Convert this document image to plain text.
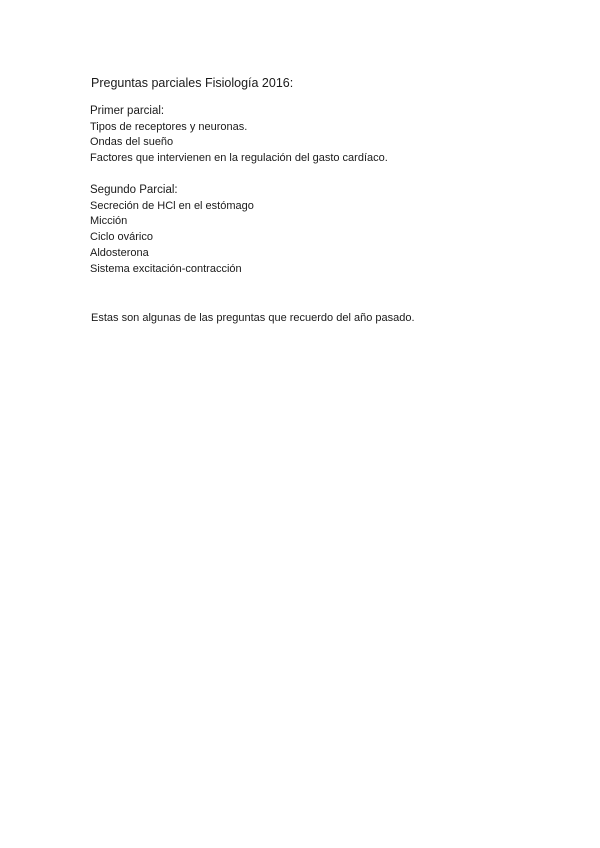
Preguntas parciales Fisiología 2016:
Primer parcial:
Tipos de receptores y neuronas.
Ondas del sueño
Factores que intervienen en la regulación del gasto cardíaco.
Segundo Parcial:
Secreción de HCl en el estómago
Micción
Ciclo ovárico
Aldosterona
Sistema excitación-contracción
Estas son algunas de las preguntas que recuerdo del año pasado.
